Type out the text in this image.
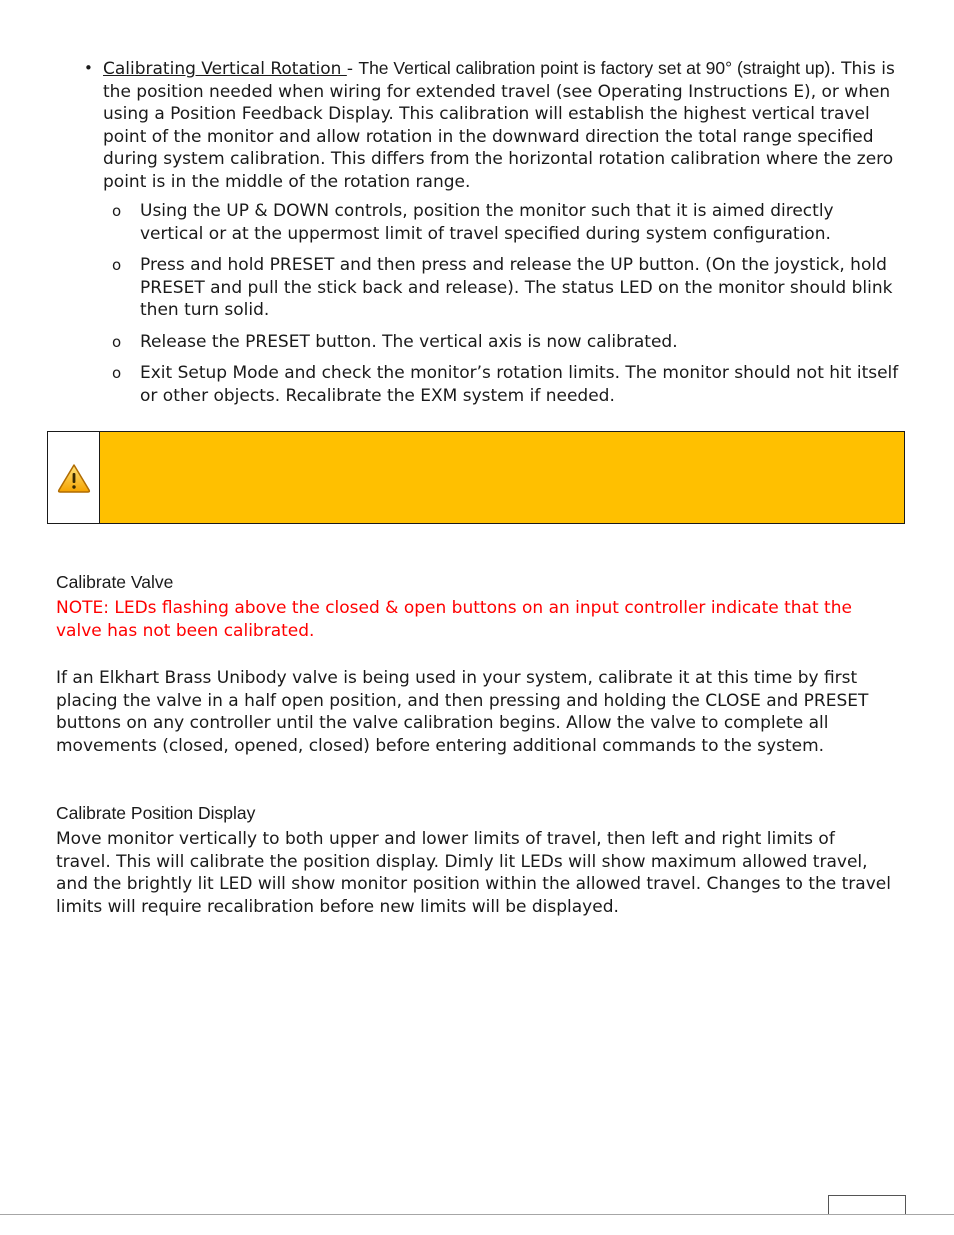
• Calibrating Vertical Rotation - The Vertical calibration point is factory set at 90° (straight up). This is the position needed when wiring for extended travel (see Operating Instructions E), or when using a Position Feedback Display. This calibration will establish the highest vertical travel point of the monitor and allow rotation in the downward direction the total range specified during system calibration. This differs from the horizontal rotation calibration where the zero point is in the middle of the rotation range.
o Using the UP & DOWN controls, position the monitor such that it is aimed directly vertical or at the uppermost limit of travel specified during system configuration.
o Press and hold PRESET and then press and release the UP button. (On the joystick, hold PRESET and pull the stick back and release). The status LED on the monitor should blink then turn solid.
o Release the PRESET button. The vertical axis is now calibrated.
o Exit Setup Mode and check the monitor’s rotation limits. The monitor should not hit itself or other objects. Recalibrate the EXM system if needed.
Calibrate Valve
NOTE: LEDs flashing above the closed & open buttons on an input controller indicate that the valve has not been calibrated.
If an Elkhart Brass Unibody valve is being used in your system, calibrate it at this time by first placing the valve in a half open position, and then pressing and holding the CLOSE and PRESET buttons on any controller until the valve calibration begins. Allow the valve to complete all movements (closed, opened, closed) before entering additional commands to the system.
Calibrate Position Display
Move monitor vertically to both upper and lower limits of travel, then left and right limits of travel. This will calibrate the position display. Dimly lit LEDs will show maximum allowed travel, and the brightly lit LED will show monitor position within the allowed travel. Changes to the travel limits will require recalibration before new limits will be displayed.
